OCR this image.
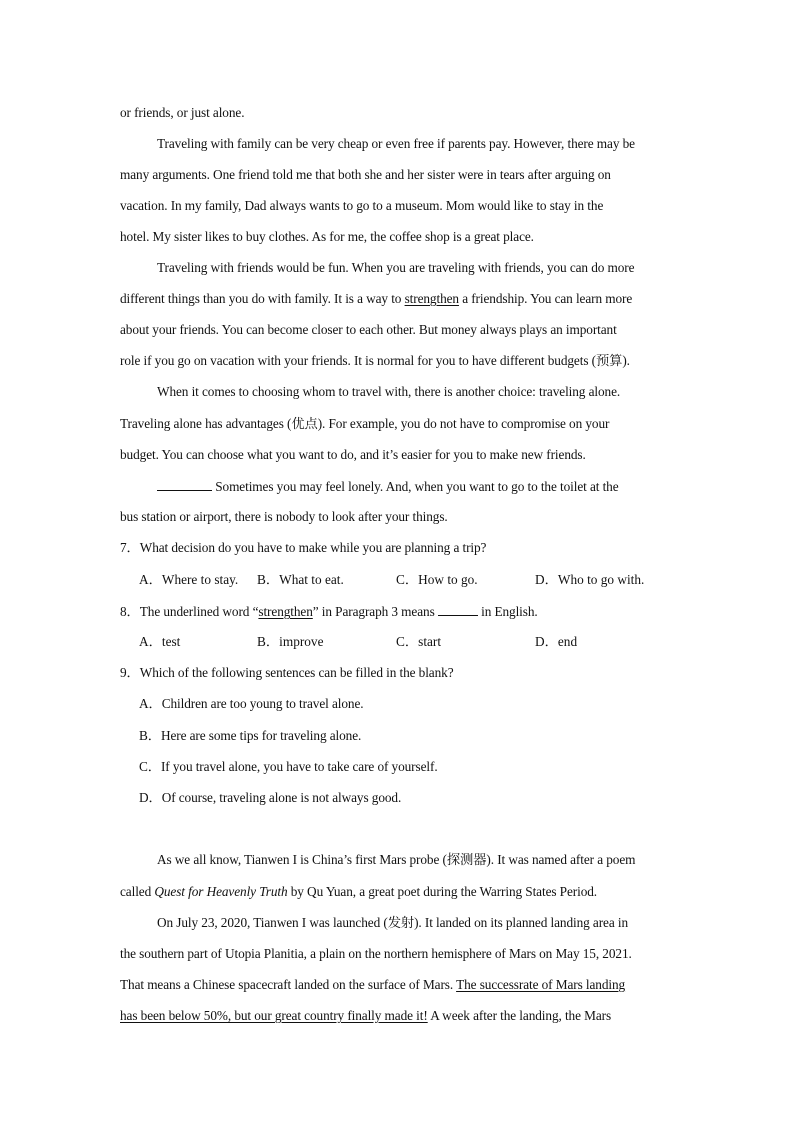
or friends, or just alone.
Traveling with family can be very cheap or even free if parents pay. However, there may be
many arguments. One friend told me that both she and her sister were in tears after arguing on
vacation. In my family, Dad always wants to go to a museum. Mom would like to stay in the
hotel. My sister likes to buy clothes. As for me, the coffee shop is a great place.
Traveling with friends would be fun. When you are traveling with friends, you can do more
different things than you do with family. It is a way to strengthen a friendship. You can learn more
about your friends. You can become closer to each other. But money always plays an important
role if you go on vacation with your friends. It is normal for you to have different budgets (预算).
When it comes to choosing whom to travel with, there is another choice: traveling alone.
Traveling alone has advantages (优点). For example, you do not have to compromise on your
budget. You can choose what you want to do, and it’s easier for you to make new friends.
Sometimes you may feel lonely. And, when you want to go to the toilet at the
bus station or airport, there is nobody to look after your things.
7．What decision do you have to make while you are planning a trip?
A．Where to stay. B．What to eat.	C．How to go.	D．Who to go with.
8．The underlined word “strengthen” in Paragraph 3 means	in English.
A．test	B．improve	C．start	D．end
9．Which of the following sentences can be filled in the blank?
A．Children are too young to travel alone.
B．Here are some tips for traveling alone.
C．If you travel alone, you have to take care of yourself.
D．Of course, traveling alone is not always good.
As we all know, Tianwen I is China’s first Mars probe (探测器). It was named after a poem
called Quest for Heavenly Truth by Qu Yuan, a great poet during the Warring States Period.
On July 23, 2020, Tianwen I was launched (发射). It landed on its planned landing area in
the southern part of Utopia Planitia, a plain on the northern hemisphere of Mars on May 15, 2021.
That means a Chinese spacecraft landed on the surface of Mars. The successrate of Mars landing
has been below 50%, but our great country finally made it! A week after the landing, the Mars
